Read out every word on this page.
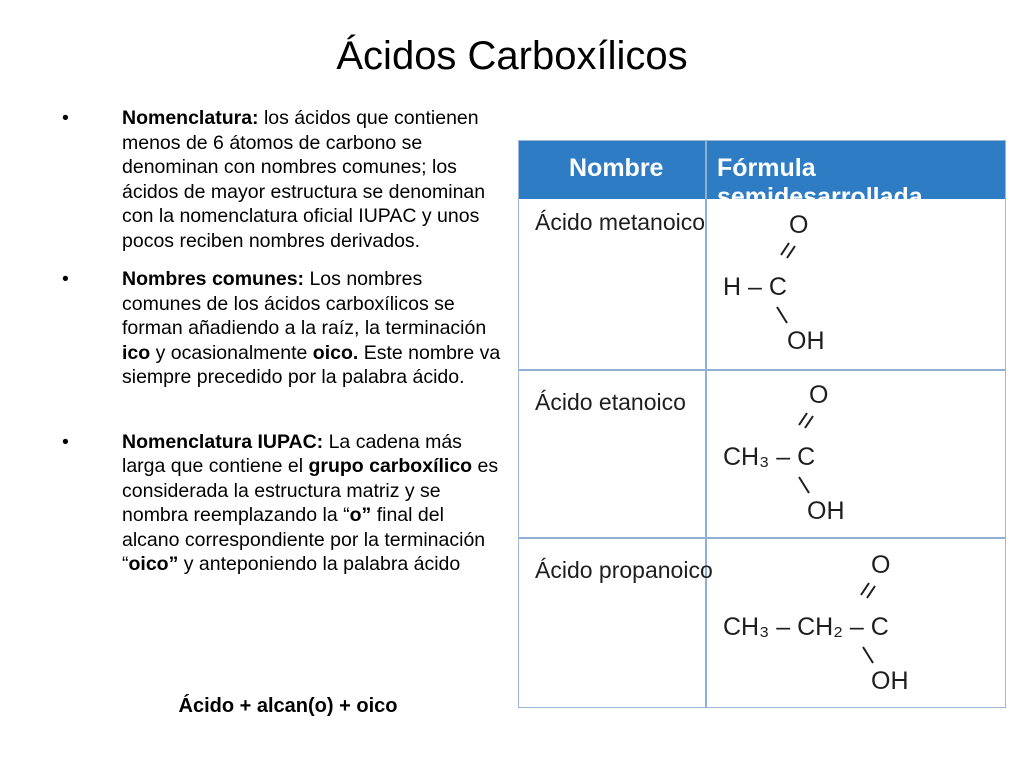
Ácidos Carboxílicos
•	Nomenclatura: los ácidos que contienen menos de 6 átomos de carbono se denominan con nombres comunes; los ácidos de mayor estructura se denominan con la nomenclatura oficial IUPAC y unos pocos reciben nombres derivados.
•	Nombres comunes: Los nombres comunes de los ácidos carboxílicos se forman añadiendo a la raíz, la terminación ico y ocasionalmente oico. Este nombre va siempre precedido por la palabra ácido.
•	Nomenclatura IUPAC: La cadena más larga que contiene el grupo carboxílico es considerada la estructura matriz y se nombra reemplazando la “o” final del alcano correspondiente por la terminación “oico” y anteponiendo la palabra ácido
Ácido + alcan(o) + oico
Nombre Fórmula semidesarrollada
Ácido metanoico	O
H – C
OH
Ácido etanoico	O
CH₃ – C
OH
Ácido propanoico	O
CH₃ – CH₂ – C
OH
